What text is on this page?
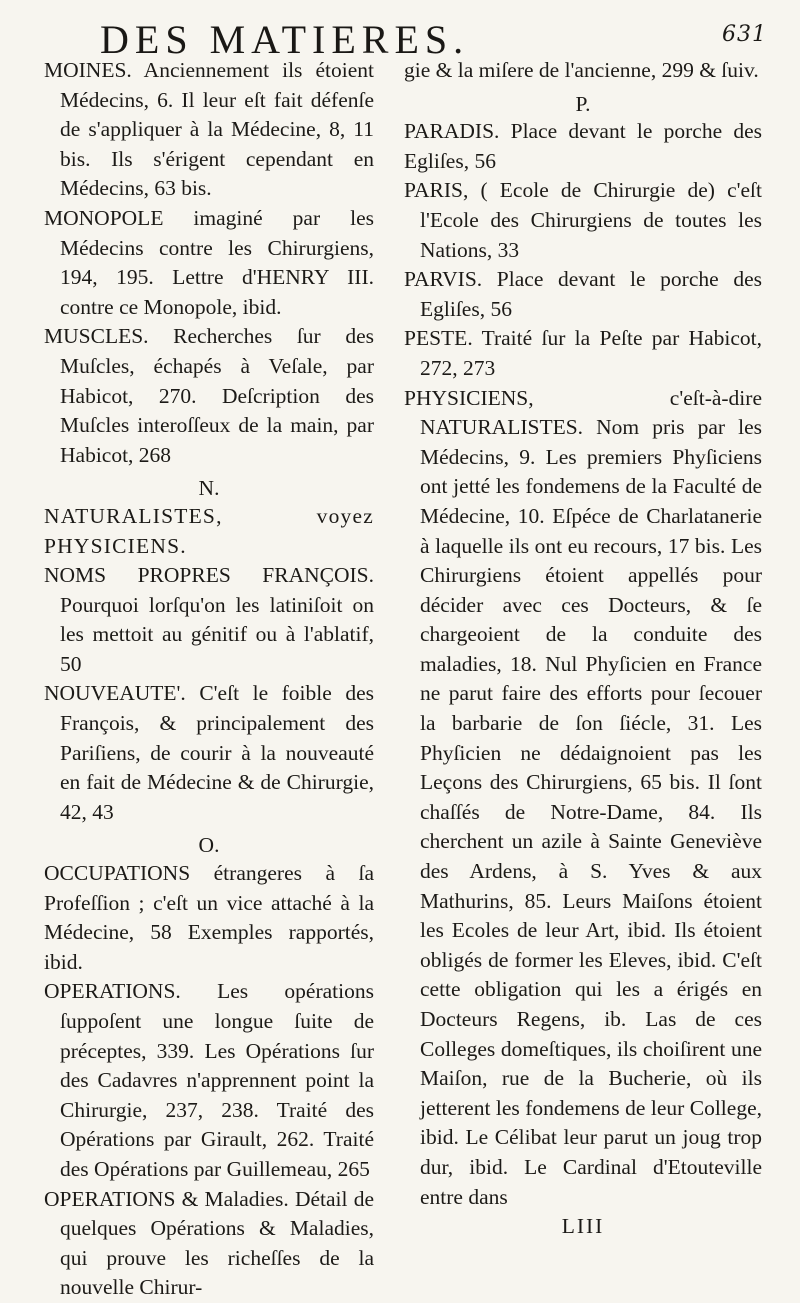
DES MATIERES.	631
MOINES. Anciennement ils étoient Médecins, 6. Il leur eſt fait défenſe de s'appliquer à la Médecine, 8, 11 bis. Ils s'érigent cependant en Médecins, 63 bis.
MONOPOLE imaginé par les Médecins contre les Chirurgiens, 194, 195. Lettre d'HENRY III. contre ce Monopole, ibid.
MUSCLES. Recherches ſur des Muſcles, échapés à Veſale, par Habicot, 270. Deſcription des Muſcles interoſſeux de la main, par Habicot, 268
N.
NATURALISTES, voyez PHYSICIENS.
NOMS PROPRES FRANÇOIS. Pourquoi lorſqu'on les latiniſoit on les mettoit au génitif ou à l'ablatif, 50
NOUVEAUTE'. C'eſt le foible des François, & principalement des Pariſiens, de courir à la nouveauté en fait de Médecine & de Chirurgie, 42, 43
O.
OCCUPATIONS étrangeres à ſa Profeſſion ; c'eſt un vice attaché à la Médecine, 58 Exemples rapportés, ibid.
OPERATIONS. Les opérations ſuppoſent une longue ſuite de préceptes, 339. Les Opérations ſur des Cadavres n'apprennent point la Chirurgie, 237, 238. Traité des Opérations par Girault, 262. Traité des Opérations par Guillemeau, 265
OPERATIONS & Maladies. Détail de quelques Opérations & Maladies, qui prouve les richeſſes de la nouvelle Chirur-
gie & la miſere de l'ancienne, 299 & ſuiv.
P.
PARADIS. Place devant le porche des Egliſes, 56
PARIS, ( Ecole de Chirurgie de) c'eſt l'Ecole des Chirurgiens de toutes les Nations, 33
PARVIS. Place devant le porche des Egliſes, 56
PESTE. Traité ſur la Peſte par Habicot, 272, 273
PHYSICIENS, c'eſt-à-dire NATURALISTES. Nom pris par les Médecins, 9. Les premiers Phyſiciens ont jetté les fondemens de la Faculté de Médecine, 10. Eſpéce de Charlatanerie à laquelle ils ont eu recours, 17 bis. Les Chirurgiens étoient appellés pour décider avec ces Docteurs, & ſe chargeoient de la conduite des maladies, 18. Nul Phyſicien en France ne parut faire des efforts pour ſecouer la barbarie de ſon ſiécle, 31. Les Phyſicien ne dédaignoient pas les Leçons des Chirurgiens, 65 bis. Il ſont chaſſés de Notre-Dame, 84. Ils cherchent un azile à Sainte Geneviève des Ardens, à S. Yves & aux Mathurins, 85. Leurs Maiſons étoient les Ecoles de leur Art, ibid. Ils étoient obligés de former les Eleves, ibid. C'eſt cette obligation qui les a érigés en Docteurs Regens, ib. Las de ces Colleges domeſtiques, ils choiſirent une Maiſon, rue de la Bucherie, où ils jetterent les fondemens de leur College, ibid. Le Célibat leur parut un joug trop dur, ibid. Le Cardinal d'Etouteville entre dans
LIII
